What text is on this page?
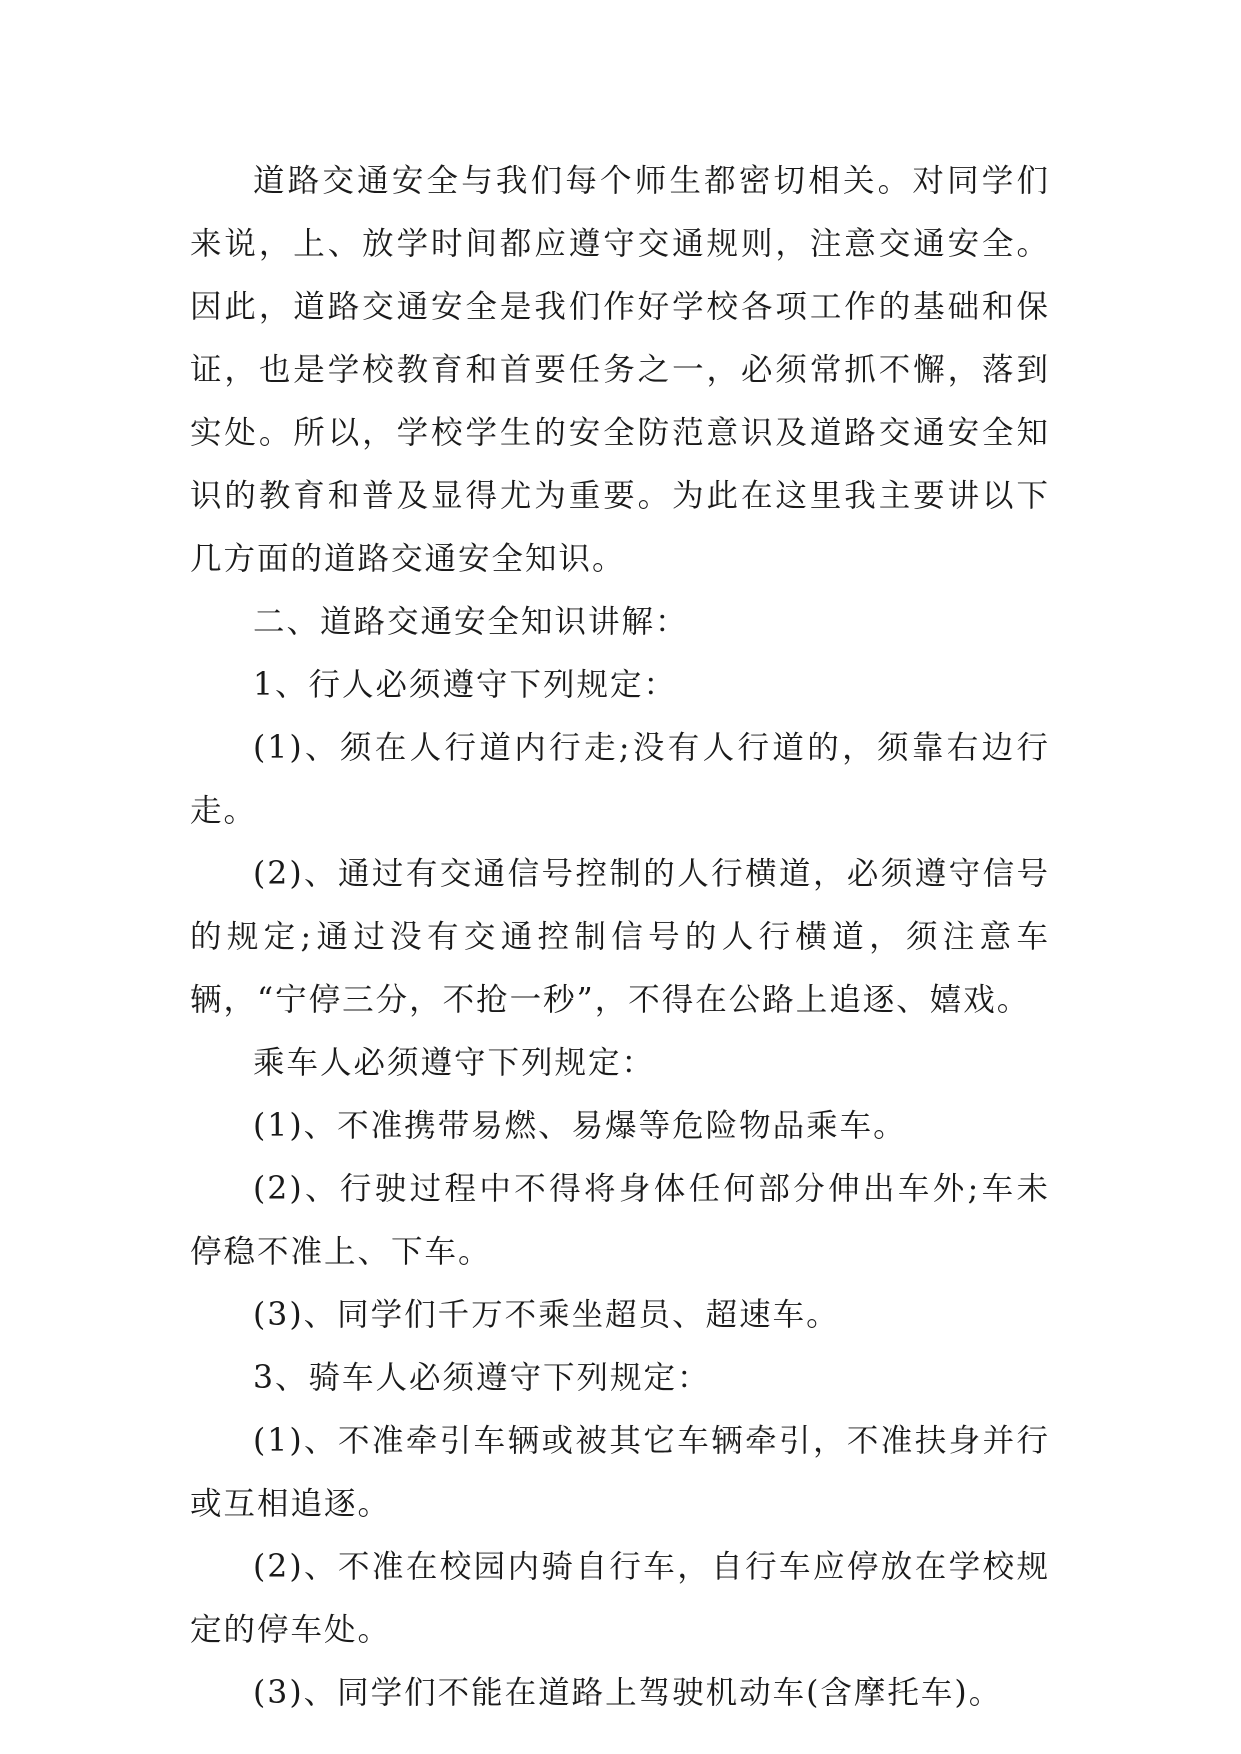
道路交通安全与我们每个师生都密切相关。对同学们来说，上、放学时间都应遵守交通规则，注意交通安全。因此，道路交通安全是我们作好学校各项工作的基础和保证，也是学校教育和首要任务之一，必须常抓不懈，落到实处。所以，学校学生的安全防范意识及道路交通安全知识的教育和普及显得尤为重要。为此在这里我主要讲以下几方面的道路交通安全知识。

二、道路交通安全知识讲解：

1、行人必须遵守下列规定：

(1)、须在人行道内行走;没有人行道的，须靠右边行走。

(2)、通过有交通信号控制的人行横道，必须遵守信号的规定;通过没有交通控制信号的人行横道，须注意车辆，“宁停三分，不抢一秒”，不得在公路上追逐、嬉戏。

乘车人必须遵守下列规定：

(1)、不准携带易燃、易爆等危险物品乘车。

(2)、行驶过程中不得将身体任何部分伸出车外;车未停稳不准上、下车。

(3)、同学们千万不乘坐超员、超速车。

3、骑车人必须遵守下列规定：

(1)、不准牵引车辆或被其它车辆牵引，不准扶身并行或互相追逐。

(2)、不准在校园内骑自行车，自行车应停放在学校规定的停车处。

(3)、同学们不能在道路上驾驶机动车(含摩托车)。
